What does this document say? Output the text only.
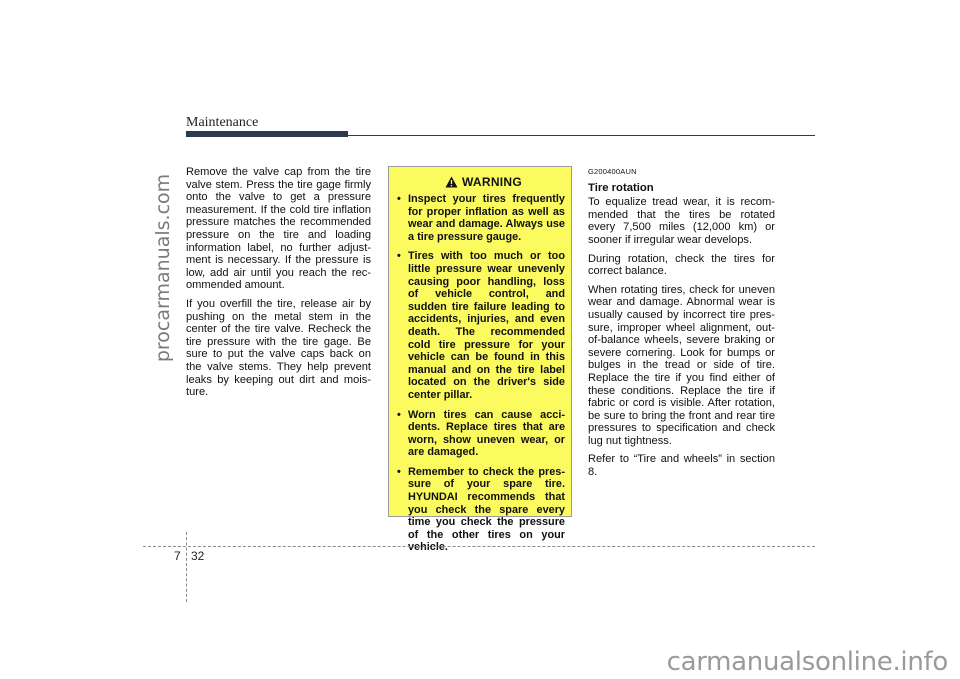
procarmanuals.com
Maintenance

Remove the valve cap from the tire valve stem. Press the tire gage firmly onto the valve to get a pressure measurement. If the cold tire inflation pressure matches the recommended pressure on the tire and loading information label, no further adjustment is necessary. If the pressure is low, add air until you reach the recommended amount.

If you overfill the tire, release air by pushing on the metal stem in the center of the tire valve. Recheck the tire pressure with the tire gage. Be sure to put the valve caps back on the valve stems. They help prevent leaks by keeping out dirt and moisture.

WARNING
• Inspect your tires frequently for proper inflation as well as wear and damage. Always use a tire pressure gauge.
• Tires with too much or too little pressure wear unevenly causing poor handling, loss of vehicle control, and sudden tire failure leading to accidents, injuries, and even death. The recommended cold tire pressure for your vehicle can be found in this manual and on the tire label located on the driver's side center pillar.
• Worn tires can cause accidents. Replace tires that are worn, show uneven wear, or are damaged.
• Remember to check the pressure of your spare tire. HYUNDAI recommends that you check the spare every time you check the pressure of the other tires on your vehicle.
G200400AUN
Tire rotation

To equalize tread wear, it is recommended that the tires be rotated every 7,500 miles (12,000 km) or sooner if irregular wear develops.

During rotation, check the tires for correct balance.

When rotating tires, check for uneven wear and damage. Abnormal wear is usually caused by incorrect tire pressure, improper wheel alignment, out-of-balance wheels, severe braking or severe cornering. Look for bumps or bulges in the tread or side of tire. Replace the tire if you find either of these conditions. Replace the tire if fabric or cord is visible. After rotation, be sure to bring the front and rear tire pressures to specification and check lug nut tightness.

Refer to “Tire and wheels” in section 8.

7 32
carmanualsonline.info
